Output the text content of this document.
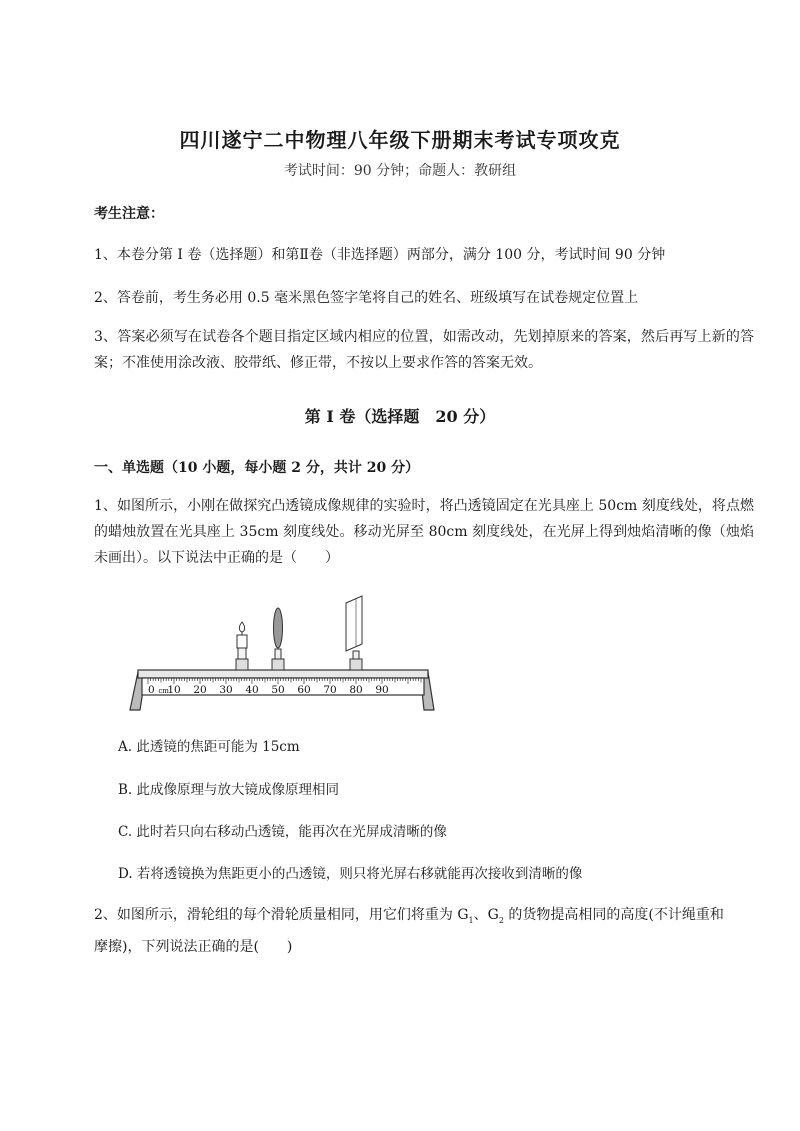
四川遂宁二中物理八年级下册期末考试专项攻克
考试时间：90 分钟；命题人：教研组
考生注意：
1、本卷分第 I 卷（选择题）和第Ⅱ卷（非选择题）两部分，满分 100 分，考试时间 90 分钟
2、答卷前，考生务必用 0.5 毫米黑色签字笔将自己的姓名、班级填写在试卷规定位置上
3、答案必须写在试卷各个题目指定区域内相应的位置，如需改动，先划掉原来的答案，然后再写上新的答案；不准使用涂改液、胶带纸、修正带，不按以上要求作答的答案无效。
第 I 卷（选择题　20 分）
一、单选题（10 小题，每小题 2 分，共计 20 分）
1、如图所示，小刚在做探究凸透镜成像规律的实验时，将凸透镜固定在光具座上 50cm 刻度线处，将点燃的蜡烛放置在光具座上 35cm 刻度线处。移动光屏至 80cm 刻度线处，在光屏上得到烛焰清晰的像（烛焰未画出）。以下说法中正确的是（　　）
0 cm
10 20 30 40 50 60 70 80 90
A. 此透镜的焦距可能为 15cm
B. 此成像原理与放大镜成像原理相同
C. 此时若只向右移动凸透镜，能再次在光屏成清晰的像
D. 若将透镜换为焦距更小的凸透镜，则只将光屏右移就能再次接收到清晰的像
2、如图所示，滑轮组的每个滑轮质量相同，用它们将重为 $G_1$、$G_2$ 的货物提高相同的高度(不计绳重和
摩擦)，下列说法正确的是(　　)
